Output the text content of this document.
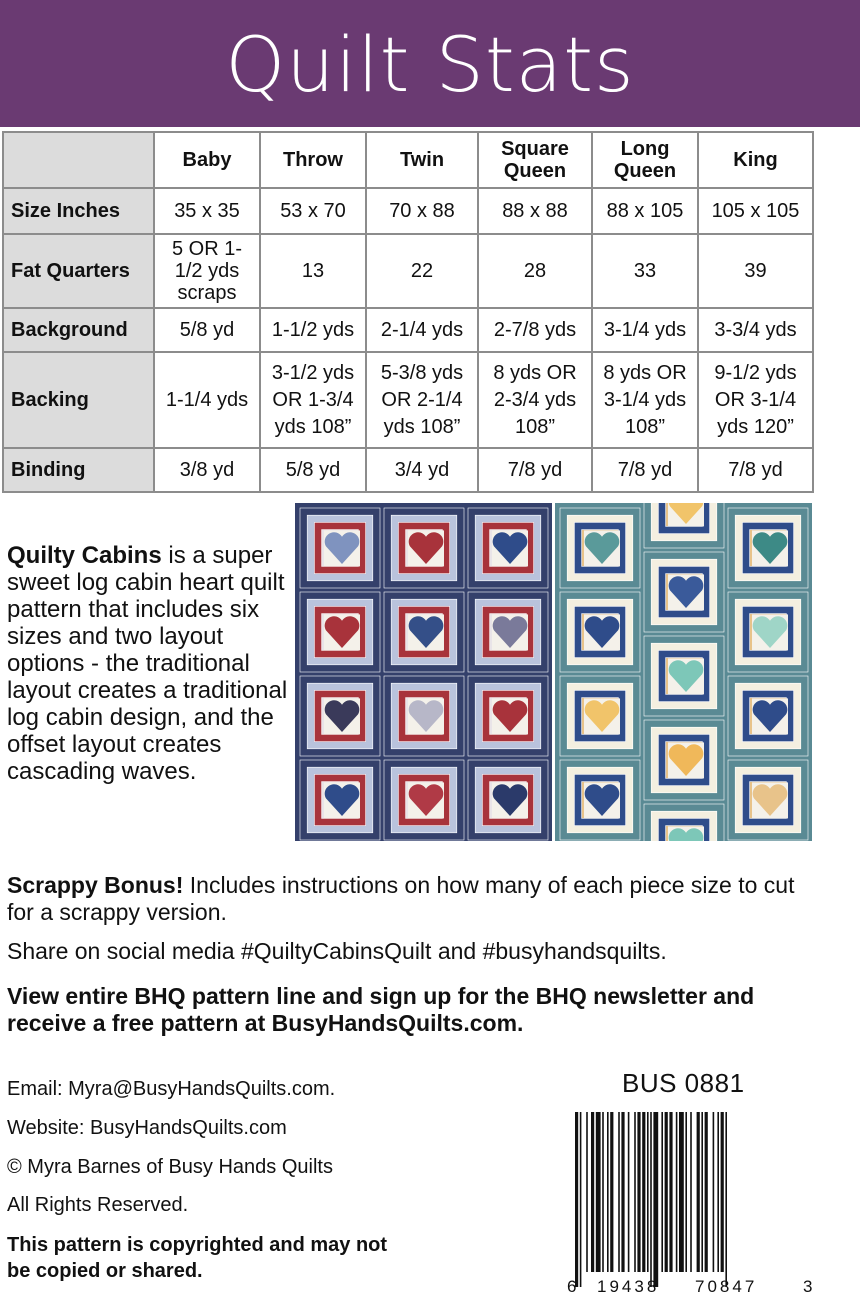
Quilt Stats
	Baby	Throw	Twin	Square Queen	Long Queen	King
Size Inches	35 x 35	53 x 70	70 x 88	88 x 88	88 x 105	105 x 105
Fat Quarters	5 OR 1-1/2 yds scraps	13	22	28	33	39
Background	5/8 yd	1-1/2 yds	2-1/4 yds	2-7/8 yds	3-1/4 yds	3-3/4 yds
Backing	1-1/4 yds	3-1/2 yds OR 1-3/4 yds 108”	5-3/8 yds OR 2-1/4 yds 108”	8 yds OR 2-3/4 yds 108”	8 yds OR 3-1/4 yds 108”	9-1/2 yds OR 3-1/4 yds 120”
Binding	3/8 yd	5/8 yd	3/4 yd	7/8 yd	7/8 yd	7/8 yd
Quilty Cabins is a super sweet log cabin heart quilt pattern that includes six sizes and two layout options - the traditional layout creates a traditional log cabin design, and the offset layout creates cascading waves.
Scrappy Bonus! Includes instructions on how many of each piece size to cut for a scrappy version.
Share on social media #QuiltyCabinsQuilt and #busyhandsquilts.
View entire BHQ pattern line and sign up for the BHQ newsletter and receive a free pattern at BusyHandsQuilts.com.
Email: Myra@BusyHandsQuilts.com.
Website: BusyHandsQuilts.com
© Myra Barnes of Busy Hands Quilts
All Rights Reserved.
This pattern is copyrighted and may not be copied or shared.
BUS 0881
6 19438 70847	3
